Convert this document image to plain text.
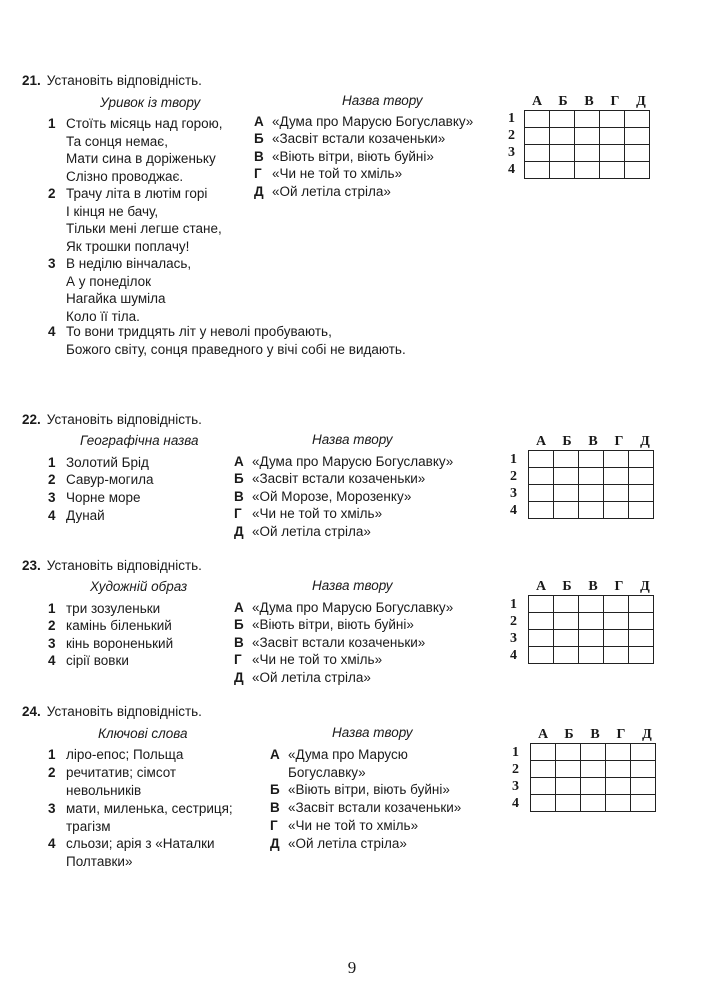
21. Установіть відповідність.
Уривок із твору	Назва твору
1 Стоїть місяць над горою,
Та сонця немає,
Мати сина в доріженьку
Слізно проводжає.
2 Трачу літа в лютім горі
І кінця не бачу,
Тільки мені легше стане,
Як трошки поплачу!
3 В неділю вінчалась,
А у понеділок
Нагайка шуміла
Коло її тіла.
4 То вони тридцять літ у неволі пробувають,
Божого світу, сонця праведного у вічі собі не видають.
А «Дума про Марусю Богуславку»
Б «Засвіт встали козаченьки»
В «Віють вітри, віють буйні»
Г «Чи не той то хміль»
Д «Ой летіла стріла»
А	Б	В	Г	Д
1
2
3
4

22. Установіть відповідність.
Географічна назва	Назва твору
1 Золотий Брід
2 Савур-могила
3 Чорне море
4 Дунай
А «Дума про Марусю Богуславку»
Б «Засвіт встали козаченьки»
В «Ой Морозе, Морозенку»
Г «Чи не той то хміль»
Д «Ой летіла стріла»
А	Б	В	Г	Д
1
2
3
4

23. Установіть відповідність.
Художній образ	Назва твору
1 три зозуленьки
2 камінь біленький
3 кінь вороненький
4 сірії вовки
А «Дума про Марусю Богуславку»
Б «Віють вітри, віють буйні»
В «Засвіт встали козаченьки»
Г «Чи не той то хміль»
Д «Ой летіла стріла»
А	Б	В	Г	Д
1
2
3
4

24. Установіть відповідність.
Ключові слова	Назва твору
1 ліро-епос; Польща
2 речитатив; сімсот
невольників
3 мати, миленька, сестриця;
трагізм
4 сльози; арія з «Наталки
Полтавки»
А «Дума про Марусю
Богуславку»
Б «Віють вітри, віють буйні»
В «Засвіт встали козаченьки»
Г «Чи не той то хміль»
Д «Ой летіла стріла»
А	Б	В	Г	Д
1
2
3
4

9
